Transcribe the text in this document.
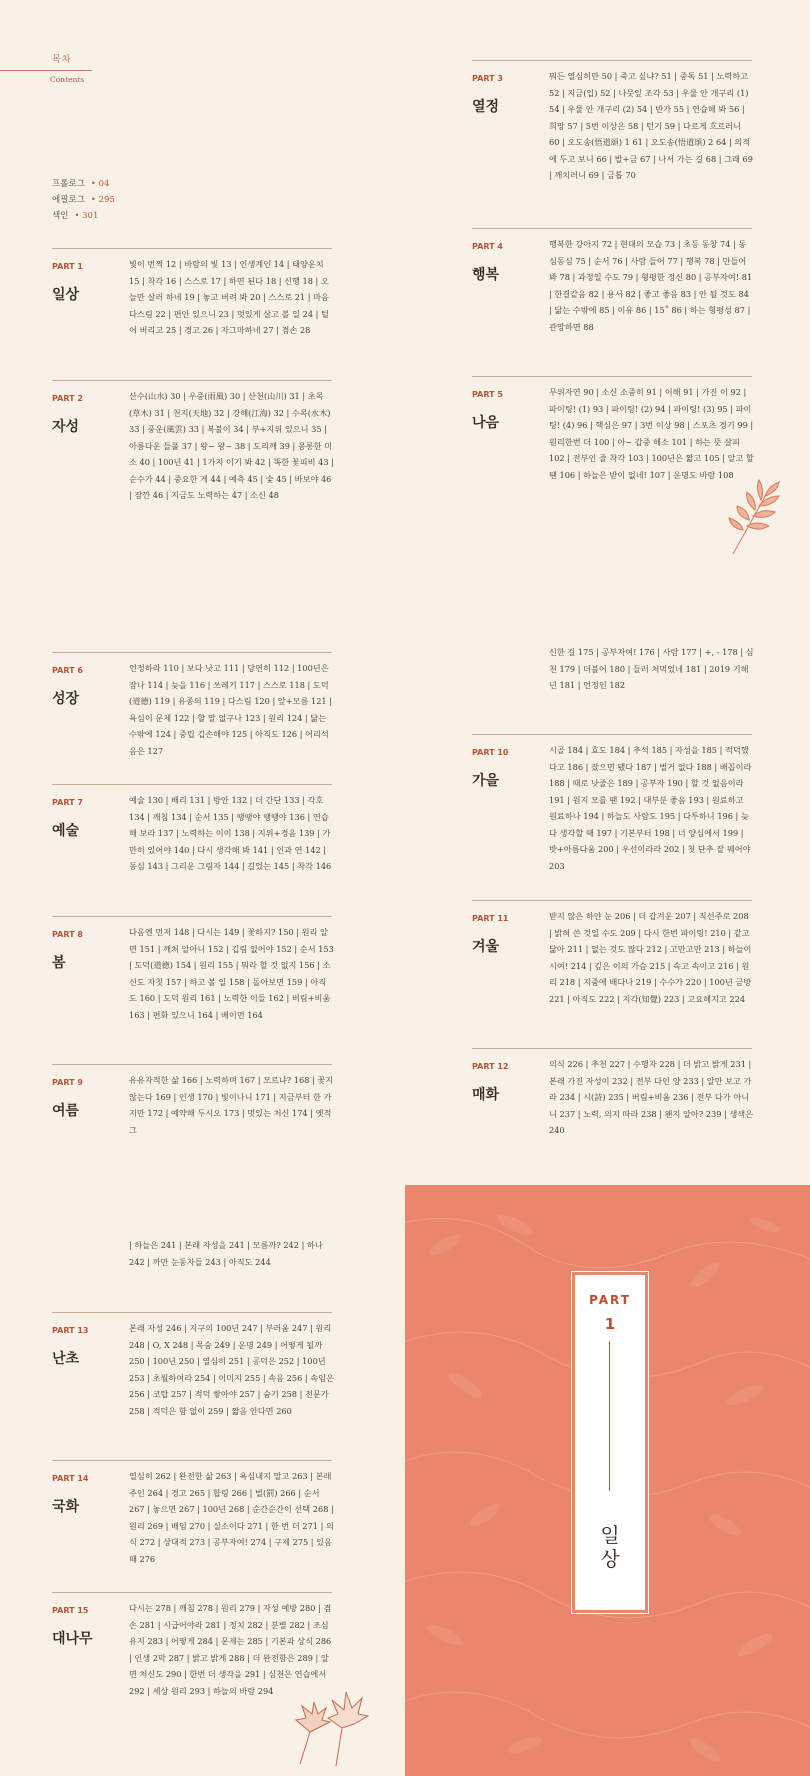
목차
Contents
프롤로그 • 04
에필로그 • 295
색인 • 301
PART 1
일상
빛이 번쩍 12 | 바람의 빛 13 | 인생계인 14 | 태양운치 15 | 착각 16 | 스스로 17 | 하면 된다 18 | 신행 18 | 오늘만 살러 하네 19 | 놓고 버려 봐 20 | 스스로 21 | 마음 다스림 22 | 편안 있으니 23 | 멋있게 살고 볼 일 24 | 털어 버리고 25 | 경고 26 | 자그마하네 27 | 겸손 28
PART 2
자성
산수(山水) 30 | 우중(雨風) 30 | 산천(山川) 31 | 초목(草木) 31 | 천지(天地) 32 | 강해(江海) 32 | 수목(水木) 33 | 풍운(風雲) 33 | 복불이 34 | 부+지위 있으니 35 | 아름다운 들풀 37 | 왕~ 왕~ 38 | 도리깨 39 | 몽롱한 미소 40 | 100년 41 | 1가지 이기 봐 42 | 똑한 꽃피비 43 | 순수가 44 | 중요한 게 44 | 예측 45 | 숯 45 | 바보야 46 | 잠깐 46 | 지금도 노력하는 47 | 소신 48
PART 3
열정
뭐든 열심히만 50 | 죽고 싶냐? 51 | 중독 51 | 노력하고 52 | 지금(입) 52 | 나뭇잎 조각 53 | 우물 안 개구리 (1) 54 | 우물 안 개구리 (2) 54 | 반가 55 | 연습해 봐 56 | 희망 57 | 5번 이상은 58 | 턴기 59 | 다르게 흐르러니 60 | 오도송(悟道頌) 1 61 | 오도송(悟道頌) 2 64 | 의적에 두고 보니 66 | 발+금 67 | 나서 가는 길 68 | 그래 69 | 깨치러니 69 | 금톱 70
PART 4
행복
행복한 강아지 72 | 현대의 모습 73 | 초등 동창 74 | 동심동심 75 | 순서 76 | 사람 들어 77 | 행복 78 | 만들어 봐 78 | 과정일 수도 79 | 형평한 정신 80 | 공부자여! 81 | 한결같음 82 | 용서 82 | 좋고 좋음 83 | 안 될 것도 84 | 닮는 수밖에 85 | 이유 86 | 15˚ 86 | 하는 형평성 87 | 관망하면 88
PART 5
나음
무위자연 90 | 소신 소중히 91 | 이해 91 | 가진 이 92 | 파이팅! (1) 93 | 파이팅! (2) 94 | 파이팅! (3) 95 | 파이팅! (4) 96 | 핵심은 97 | 3번 이상 98 | 스포츠 경기 99 | 원리한번 더 100 | 아~ 갑중 해소 101 | 하는 뜻 살피 102 | 전부인 줄 착각 103 | 100년은 짧고 105 | 알고 할 땐 106 | 하늘은 받이 없네! 107 | 운명도 바람 108
PART 6
성장
언정하라 110 | 보다 낫고 111 | 당연히 112 | 100년은 잠나 114 | 늦을 116 | 쓰레기 117 | 스스로 118 | 도덕(道德) 119 | 유종의 119 | 다스림 120 | 앞+모름 121 | 욕심이 문제 122 | 할 말 없구나 123 | 원리 124 | 닮는 수밖에 124 | 중립 깁손해야 125 | 아직도 126 | 어리석음은 127
PART 7
예술
예술 130 | 배리 131 | 방안 132 | 더 간단 133 | 각호 134 | 깨침 134 | 순서 135 | 땡땡야 땡땡야 136 | 연습해 보라 137 | 노력하는 이이 138 | 지위+경음 139 | 가만히 있어야 140 | 다시 생각해 봐 141 | 인과 연 142 | 동심 143 | 그리운 그림자 144 | 길었는 145 | 착각 146
PART 8
봄
다음엔 먼저 148 | 다시는 149 | 꽃하지? 150 | 원리 알면 151 | 깨쳐 알아니 152 | 깁림 없어야 152 | 순서 153 | 도덕(道德) 154 | 원리 155 | 뭐라 할 것 없지 156 | 소신도 자칫 157 | 하고 볼 일 158 | 돌아보면 159 | 아직도 160 | 도덕 원리 161 | 노력한 이들 162 | 버림+비움 163 | 편화 있으니 164 | 배이먼 164
PART 9
여름
유유자적한 삶 166 | 노력하며 167 | 모르냐? 168 | 꽃지않는다 169 | 인생 170 | 빛이나니 171 | 지금부터 한 가지만 172 | 예약해 두시오 173 | 멋있는 처신 174 | 옛적 그
신한 길 175 | 공부자여! 176 | 사람 177 | +, - 178 | 심천 179 | 더불어 180 | 들러 처먹었네 181 | 2019 기해년 181 | 언정인 182
PART 10
가을
시골 184 | 효도 184 | 추석 185 | 자성을 185 | 적덕했다고 186 | 잤으면 됐다 187 | 벌거 없다 188 | 배꼽이라 188 | 때로 낫줄은 189 | 공부자 190 | 할 것 없음이라 191 | 원지 모를 땐 192 | 대부분 좋음 193 | 원료하고 원료하나 194 | 하늘도 사람도 195 | 다투하니 196 | 늦다 생각할 때 197 | 기본부터 198 | 너 양심에서 199 | 밧+아름다움 200 | 우선이라라 202 | 첫 단추 잘 꿰어야 203
PART 11
겨울
받지 않은 하얀 눈 206 | 더 갑겨운 207 | 직선주로 208 | 밝혀 쓴 것일 수도 209 | 다시 한번 파이팅! 210 | 같고 닮아 211 | 없는 것도 많다 212 | 고만고만 213 | 하늘이 시여! 214 | 깊은 이의 가슴 215 | 속고 속이고 216 | 원리 218 | 지줌에 배다나 219 | 수수가 220 | 100년 금방 221 | 아직도 222 | 지각(知覺) 223 | 고요해지고 224
PART 12
매화
의식 226 | 추천 227 | 수행자 228 | 더 밝고 밝게 231 | 본래 가진 자성이 232 | 전부 다인 양 233 | 알만 보고 가라 234 | 시(詩) 235 | 버림+비움 236 | 전부 다가 아니니 237 | 노력, 의지 따라 238 | 왠지 알아? 239 | 생색은 240
| 하늘은 241 | 본래 자성을 241 | 모름까? 242 | 하나 242 | 까만 눈동자들 243 | 아직도 244
PART 13
난초
본래 자성 246 | 지구의 100년 247 | 부러움 247 | 원리 248 | O, X 248 | 목숨 249 | 운명 249 | 어떻게 될까 250 | 100년 250 | 열심히 251 | 공덕은 252 | 100년 253 | 초월하여라 254 | 이미지 255 | 속음 256 | 속임은 256 | 코탑 257 | 적덕 쌓아야 257 | 숨기 258 | 전문가 258 | 적덕은 함 없이 259 | 짧음 안다면 260
PART 14
국화
열심히 262 | 완전한 삶 263 | 욕심내지 말고 263 | 본래 주인 264 | 경고 265 | 합링 266 | 벌(罰) 266 | 순서 267 | 놓으면 267 | 100년 268 | 순간순간이 선택 268 | 원리 269 | 배임 270 | 실소이다 271 | 한 번 더 271 | 의식 272 | 상대적 273 | 공부자여! 274 | 구제 275 | 있음 때 276
PART 15
대나무
다시는 278 | 깨침 278 | 원리 279 | 자성 예방 280 | 겸손 281 | 시급어야라 281 | 정치 282 | 분별 282 | 조심 유지 283 | 어떻게 284 | 문제는 285 | 기본과 상식 286 | 인생 2막 287 | 밝고 밝게 288 | 더 완전함은 289 | 알면 처신도 290 | 한번 더 생각을 291 | 심천은 연습에서 292 | 세상 원리 293 | 하늘의 바람 294
PART
1
일상
